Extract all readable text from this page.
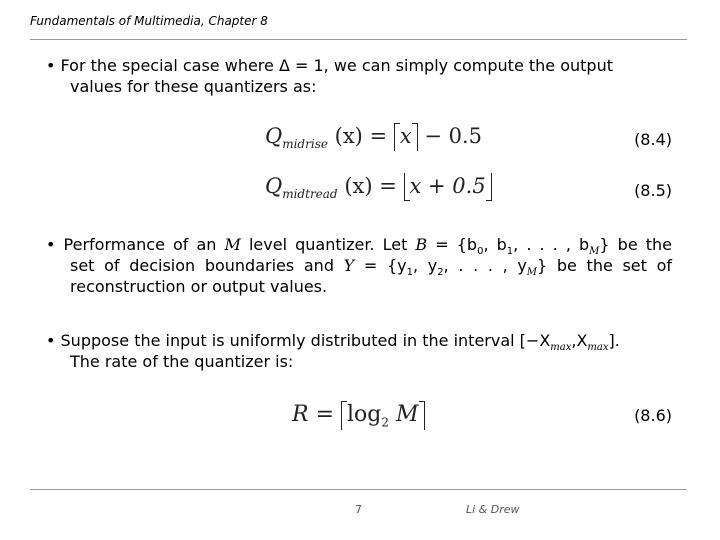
Fundamentals of Multimedia, Chapter 8
• For the special case where Δ = 1, we can simply compute the output
values for these quantizers as:
$Q_{midrise}$ (x) = x − 0.5	(8.4)
$Q_{midtread}$ (x) = x + 0.5	(8.5)
• Performance of an M level quantizer. Let $B = \{b_0$, $b_1$, . . . , $b_M$} be the
set of decision boundaries and $Y = \{y_1$, $y_2$, . . . , $y_M$} be the set of
reconstruction or output values.
• Suppose the input is uniformly distributed in the interval $[-X_{max},X_{max}]$.
The rate of the quantizer is:
$R = \log_2 M$	(8.6)
7	Li & Drew
